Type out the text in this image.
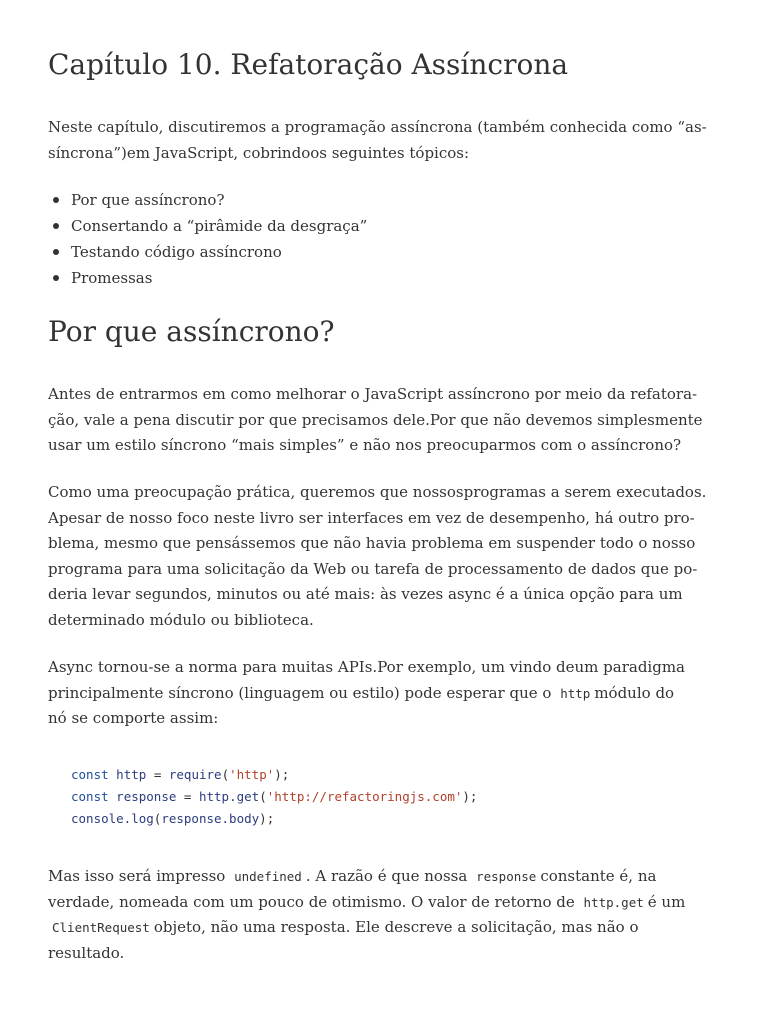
Capítulo 10. Refatoração Assíncrona

Neste capítulo, discutiremos a programação assíncrona (também conhecida como “as-
síncrona”)em JavaScript, cobrindoos seguintes tópicos:

Por que assíncrono?
Consertando a “pirâmide da desgraça”
Testando código assíncrono
Promessas
Por que assíncrono?

Antes de entrarmos em como melhorar o JavaScript assíncrono por meio da refatora-
ção, vale a pena discutir por que precisamos dele.Por que não devemos simplesmente
usar um estilo síncrono “mais simples” e não nos preocuparmos com o assíncrono?

Como uma preocupação prática, queremos que nossosprogramas a serem executados.
Apesar de nosso foco neste livro ser interfaces em vez de desempenho, há outro pro-
blema, mesmo que pensássemos que não havia problema em suspender todo o nosso
programa para uma solicitação da Web ou tarefa de processamento de dados que po-
deria levar segundos, minutos ou até mais: às vezes async é a única opção para um
determinado módulo ou biblioteca.

Async tornou-se a norma para muitas APIs.Por exemplo, um vindo deum paradigma
principalmente síncrono (linguagem ou estilo) pode esperar que o http módulo do
nó se comporte assim:

const http = require('http');
const response = http.get('http://refactoringjs.com');
console.log(response.body);

Mas isso será impresso undefined . A razão é que nossa response constante é, na
verdade, nomeada com um pouco de otimismo. O valor de retorno de http.get é um
ClientRequest objeto, não uma resposta. Ele descreve a solicitação, mas não o
resultado.
